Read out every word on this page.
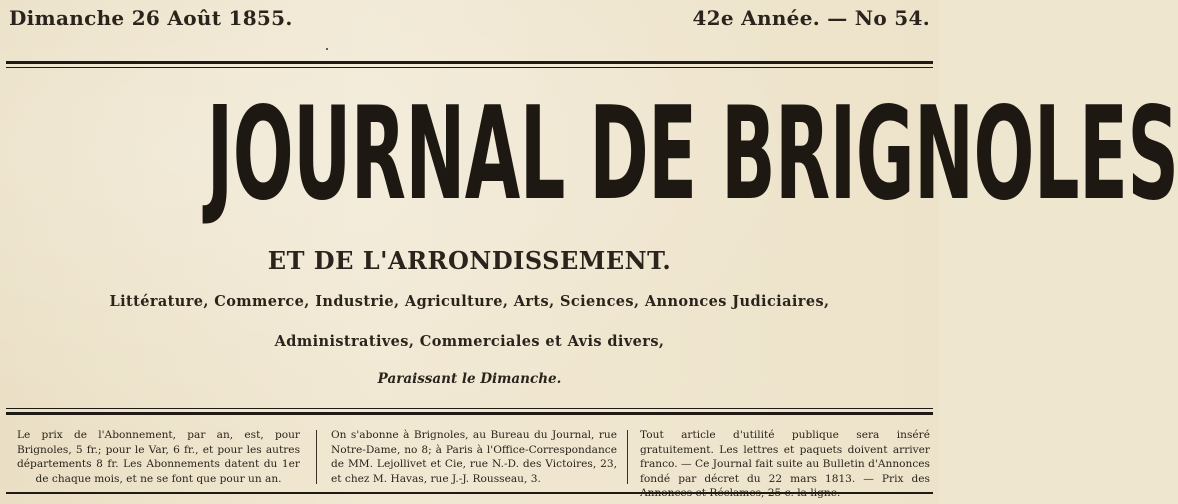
Dimanche 26 Août 1855.	42e Année. — No 54.
JOURNAL DE BRIGNOLES
ET DE L'ARRONDISSEMENT.
Littérature, Commerce, Industrie, Agriculture, Arts, Sciences, Annonces Judiciaires,
Administratives, Commerciales et Avis divers,
Paraissant le Dimanche.
Le prix de l'Abonnement, par an, est, pour Brignoles, 5 fr.; pour le Var, 6 fr., et pour les autres départements 8 fr. Les Abonnements datent du 1er de chaque mois, et ne se font que pour un an.
On s'abonne à Brignoles, au Bureau du Journal, rue Notre-Dame, no 8; à Paris à l'Office-Correspondance de MM. Lejollivet et Cie, rue N.-D. des Victoires, 23, et chez M. Havas, rue J.-J. Rousseau, 3.
Tout article d'utilité publique sera inséré gratuitement. Les lettres et paquets doivent arriver franco. — Ce Journal fait suite au Bulletin d'Annonces fondé par décret du 22 mars 1813. — Prix des
